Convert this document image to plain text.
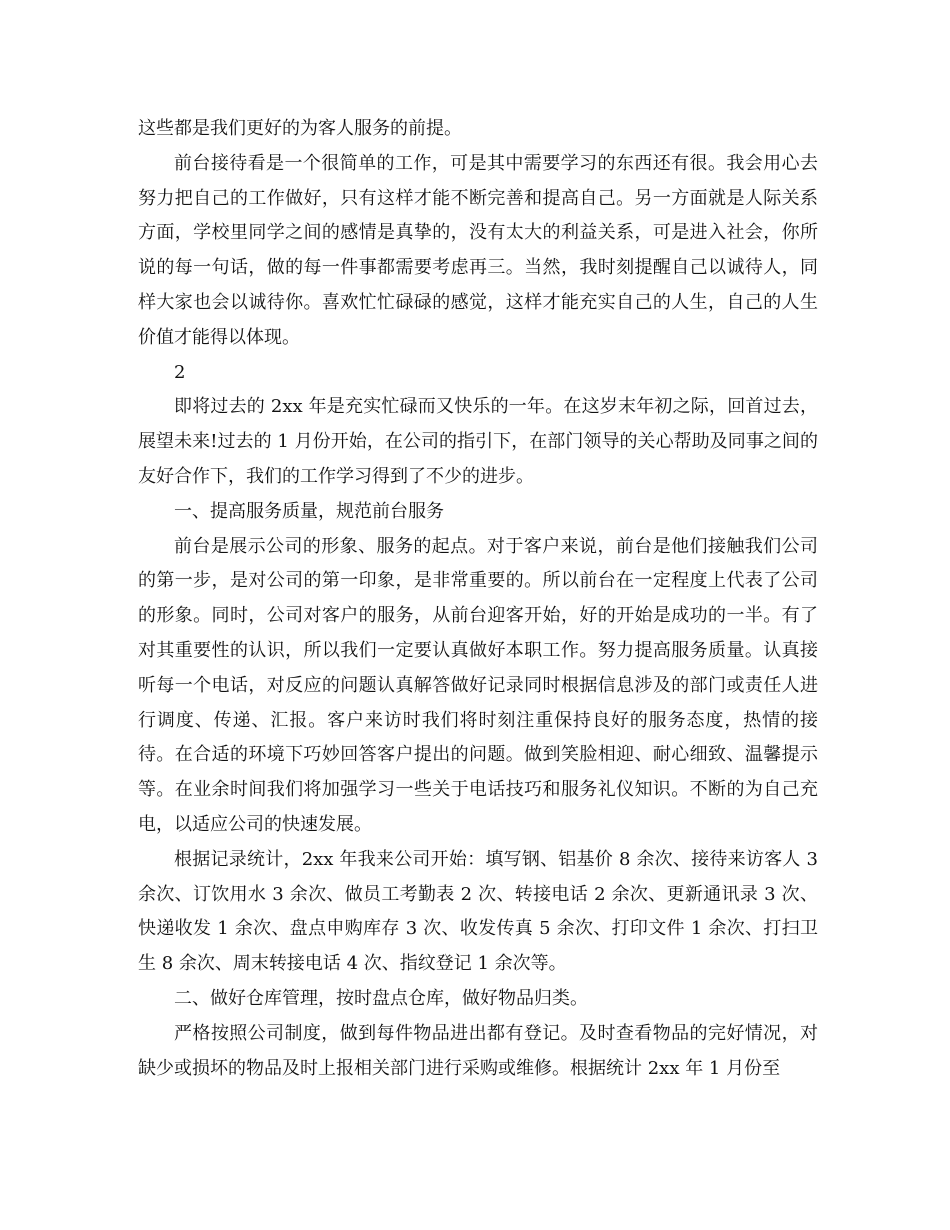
这些都是我们更好的为客人服务的前提。

前台接待看是一个很简单的工作，可是其中需要学习的东西还有很。我会用心去努力把自己的工作做好，只有这样才能不断完善和提高自己。另一方面就是人际关系方面，学校里同学之间的感情是真挚的，没有太大的利益关系，可是进入社会，你所说的每一句话，做的每一件事都需要考虑再三。当然，我时刻提醒自己以诚待人，同样大家也会以诚待你。喜欢忙忙碌碌的感觉，这样才能充实自己的人生，自己的人生价值才能得以体现。

2

即将过去的 2xx 年是充实忙碌而又快乐的一年。在这岁末年初之际，回首过去，展望未来!过去的 1 月份开始，在公司的指引下，在部门领导的关心帮助及同事之间的友好合作下，我们的工作学习得到了不少的进步。

一、提高服务质量，规范前台服务

前台是展示公司的形象、服务的起点。对于客户来说，前台是他们接触我们公司的第一步，是对公司的第一印象，是非常重要的。所以前台在一定程度上代表了公司的形象。同时，公司对客户的服务，从前台迎客开始，好的开始是成功的一半。有了对其重要性的认识，所以我们一定要认真做好本职工作。努力提高服务质量。认真接听每一个电话，对反应的问题认真解答做好记录同时根据信息涉及的部门或责任人进行调度、传递、汇报。客户来访时我们将时刻注重保持良好的服务态度，热情的接待。在合适的环境下巧妙回答客户提出的问题。做到笑脸相迎、耐心细致、温馨提示等。在业余时间我们将加强学习一些关于电话技巧和服务礼仪知识。不断的为自己充电，以适应公司的快速发展。

根据记录统计，2xx 年我来公司开始：填写钢、铝基价 8 余次、接待来访客人 3 余次、订饮用水 3 余次、做员工考勤表 2 次、转接电话 2 余次、更新通讯录 3 次、快递收发 1 余次、盘点申购库存 3 次、收发传真 5 余次、打印文件 1 余次、打扫卫生 8 余次、周末转接电话 4 次、指纹登记 1 余次等。

二、做好仓库管理，按时盘点仓库，做好物品归类。

严格按照公司制度，做到每件物品进出都有登记。及时查看物品的完好情况，对缺少或损坏的物品及时上报相关部门进行采购或维修。根据统计 2xx 年 1 月份至
